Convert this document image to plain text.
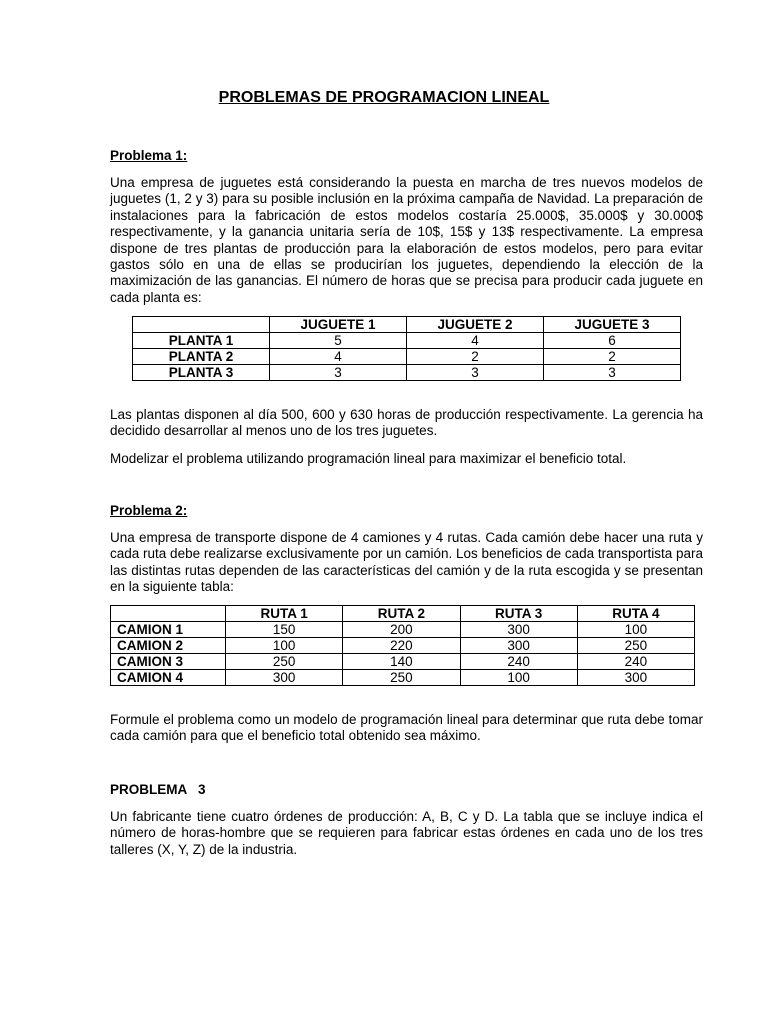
PROBLEMAS DE PROGRAMACION LINEAL

Problema 1:

Una empresa de juguetes está considerando la puesta en marcha de tres nuevos modelos de juguetes (1, 2 y 3) para su posible inclusión en la próxima campaña de Navidad. La preparación de instalaciones para la fabricación de estos modelos costaría 25.000$, 35.000$ y 30.000$ respectivamente, y la ganancia unitaria sería de 10$, 15$ y 13$ respectivamente. La empresa dispone de tres plantas de producción para la elaboración de estos modelos, pero para evitar gastos sólo en una de ellas se producirían los juguetes, dependiendo la elección de la maximización de las ganancias. El número de horas que se precisa para producir cada juguete en cada planta es:

	JUGUETE 1	JUGUETE 2	JUGUETE 3
PLANTA 1	5	4	6
PLANTA 2	4	2	2
PLANTA 3	3	3	3

Las plantas disponen al día 500, 600 y 630 horas de producción respectivamente. La gerencia ha decidido desarrollar al menos uno de los tres juguetes.

Modelizar el problema utilizando programación lineal para maximizar el beneficio total.

Problema 2:

Una empresa de transporte dispone de 4 camiones y 4 rutas. Cada camión debe hacer una ruta y cada ruta debe realizarse exclusivamente por un camión. Los beneficios de cada transportista para las distintas rutas dependen de las características del camión y de la ruta escogida y se presentan en la siguiente tabla:

	RUTA 1	RUTA 2	RUTA 3	RUTA 4
CAMION 1	150	200	300	100
CAMION 2	100	220	300	250
CAMION 3	250	140	240	240
CAMION 4	300	250	100	300

Formule el problema como un modelo de programación lineal para determinar que ruta debe tomar cada camión para que el beneficio total obtenido sea máximo.

PROBLEMA   3

Un fabricante tiene cuatro órdenes de producción: A, B, C y D. La tabla que se incluye indica el número de horas-hombre que se requieren para fabricar estas órdenes en cada uno de los tres talleres (X, Y, Z) de la industria.
